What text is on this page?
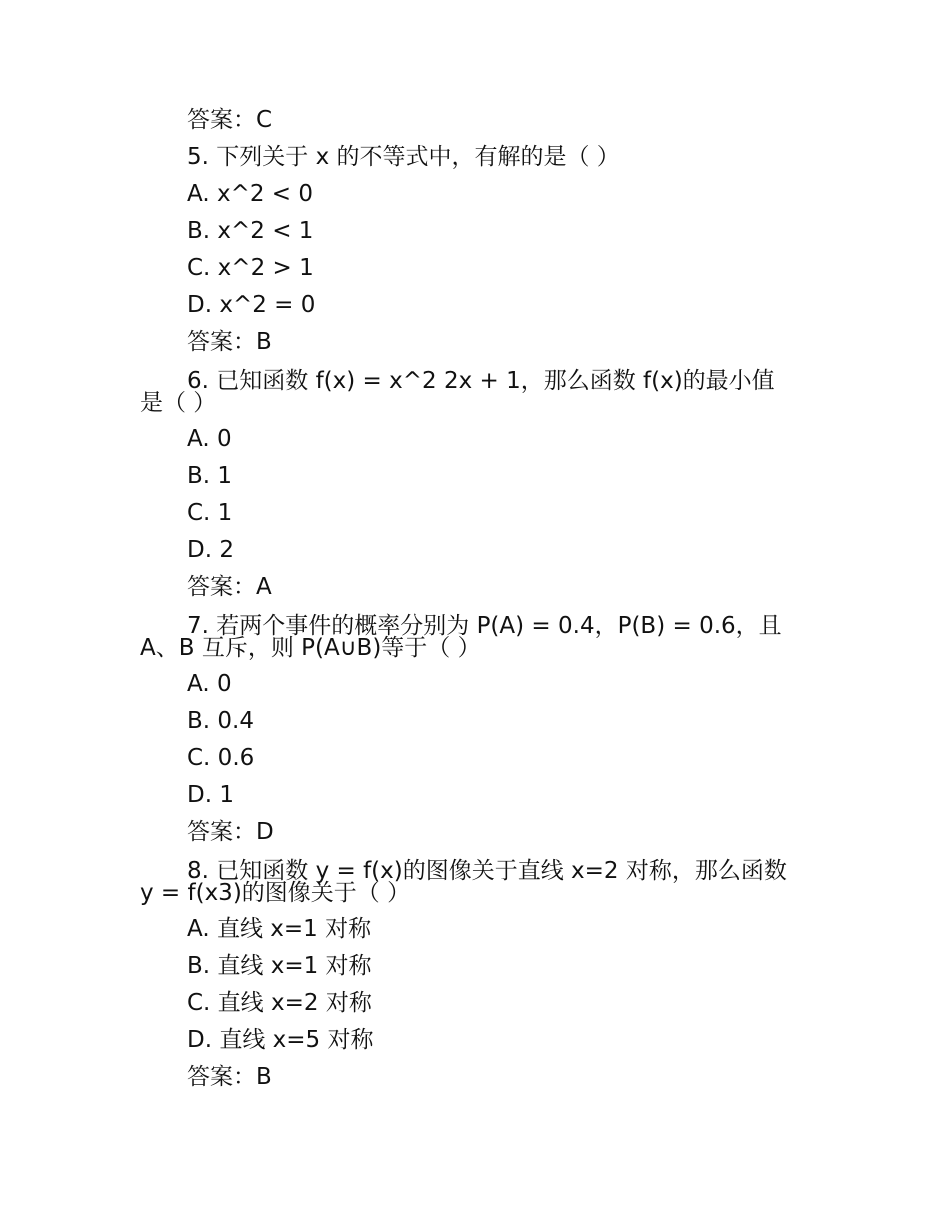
答案：C
5. 下列关于 x 的不等式中，有解的是（ ）
A. x^2 < 0
B. x^2 < 1
C. x^2 > 1
D. x^2 = 0
答案：B
6. 已知函数 f(x) = x^2 2x + 1，那么函数 f(x)的最小值
是（ ）
A. 0
B. 1
C. 1
D. 2
答案：A
7. 若两个事件的概率分别为 P(A) = 0.4，P(B) = 0.6，且
A、B 互斥，则 P(A∪B)等于（ ）
A. 0
B. 0.4
C. 0.6
D. 1
答案：D
8. 已知函数 y = f(x)的图像关于直线 x=2 对称，那么函数
y = f(x3)的图像关于（ ）
A. 直线 x=1 对称
B. 直线 x=1 对称
C. 直线 x=2 对称
D. 直线 x=5 对称
答案：B
